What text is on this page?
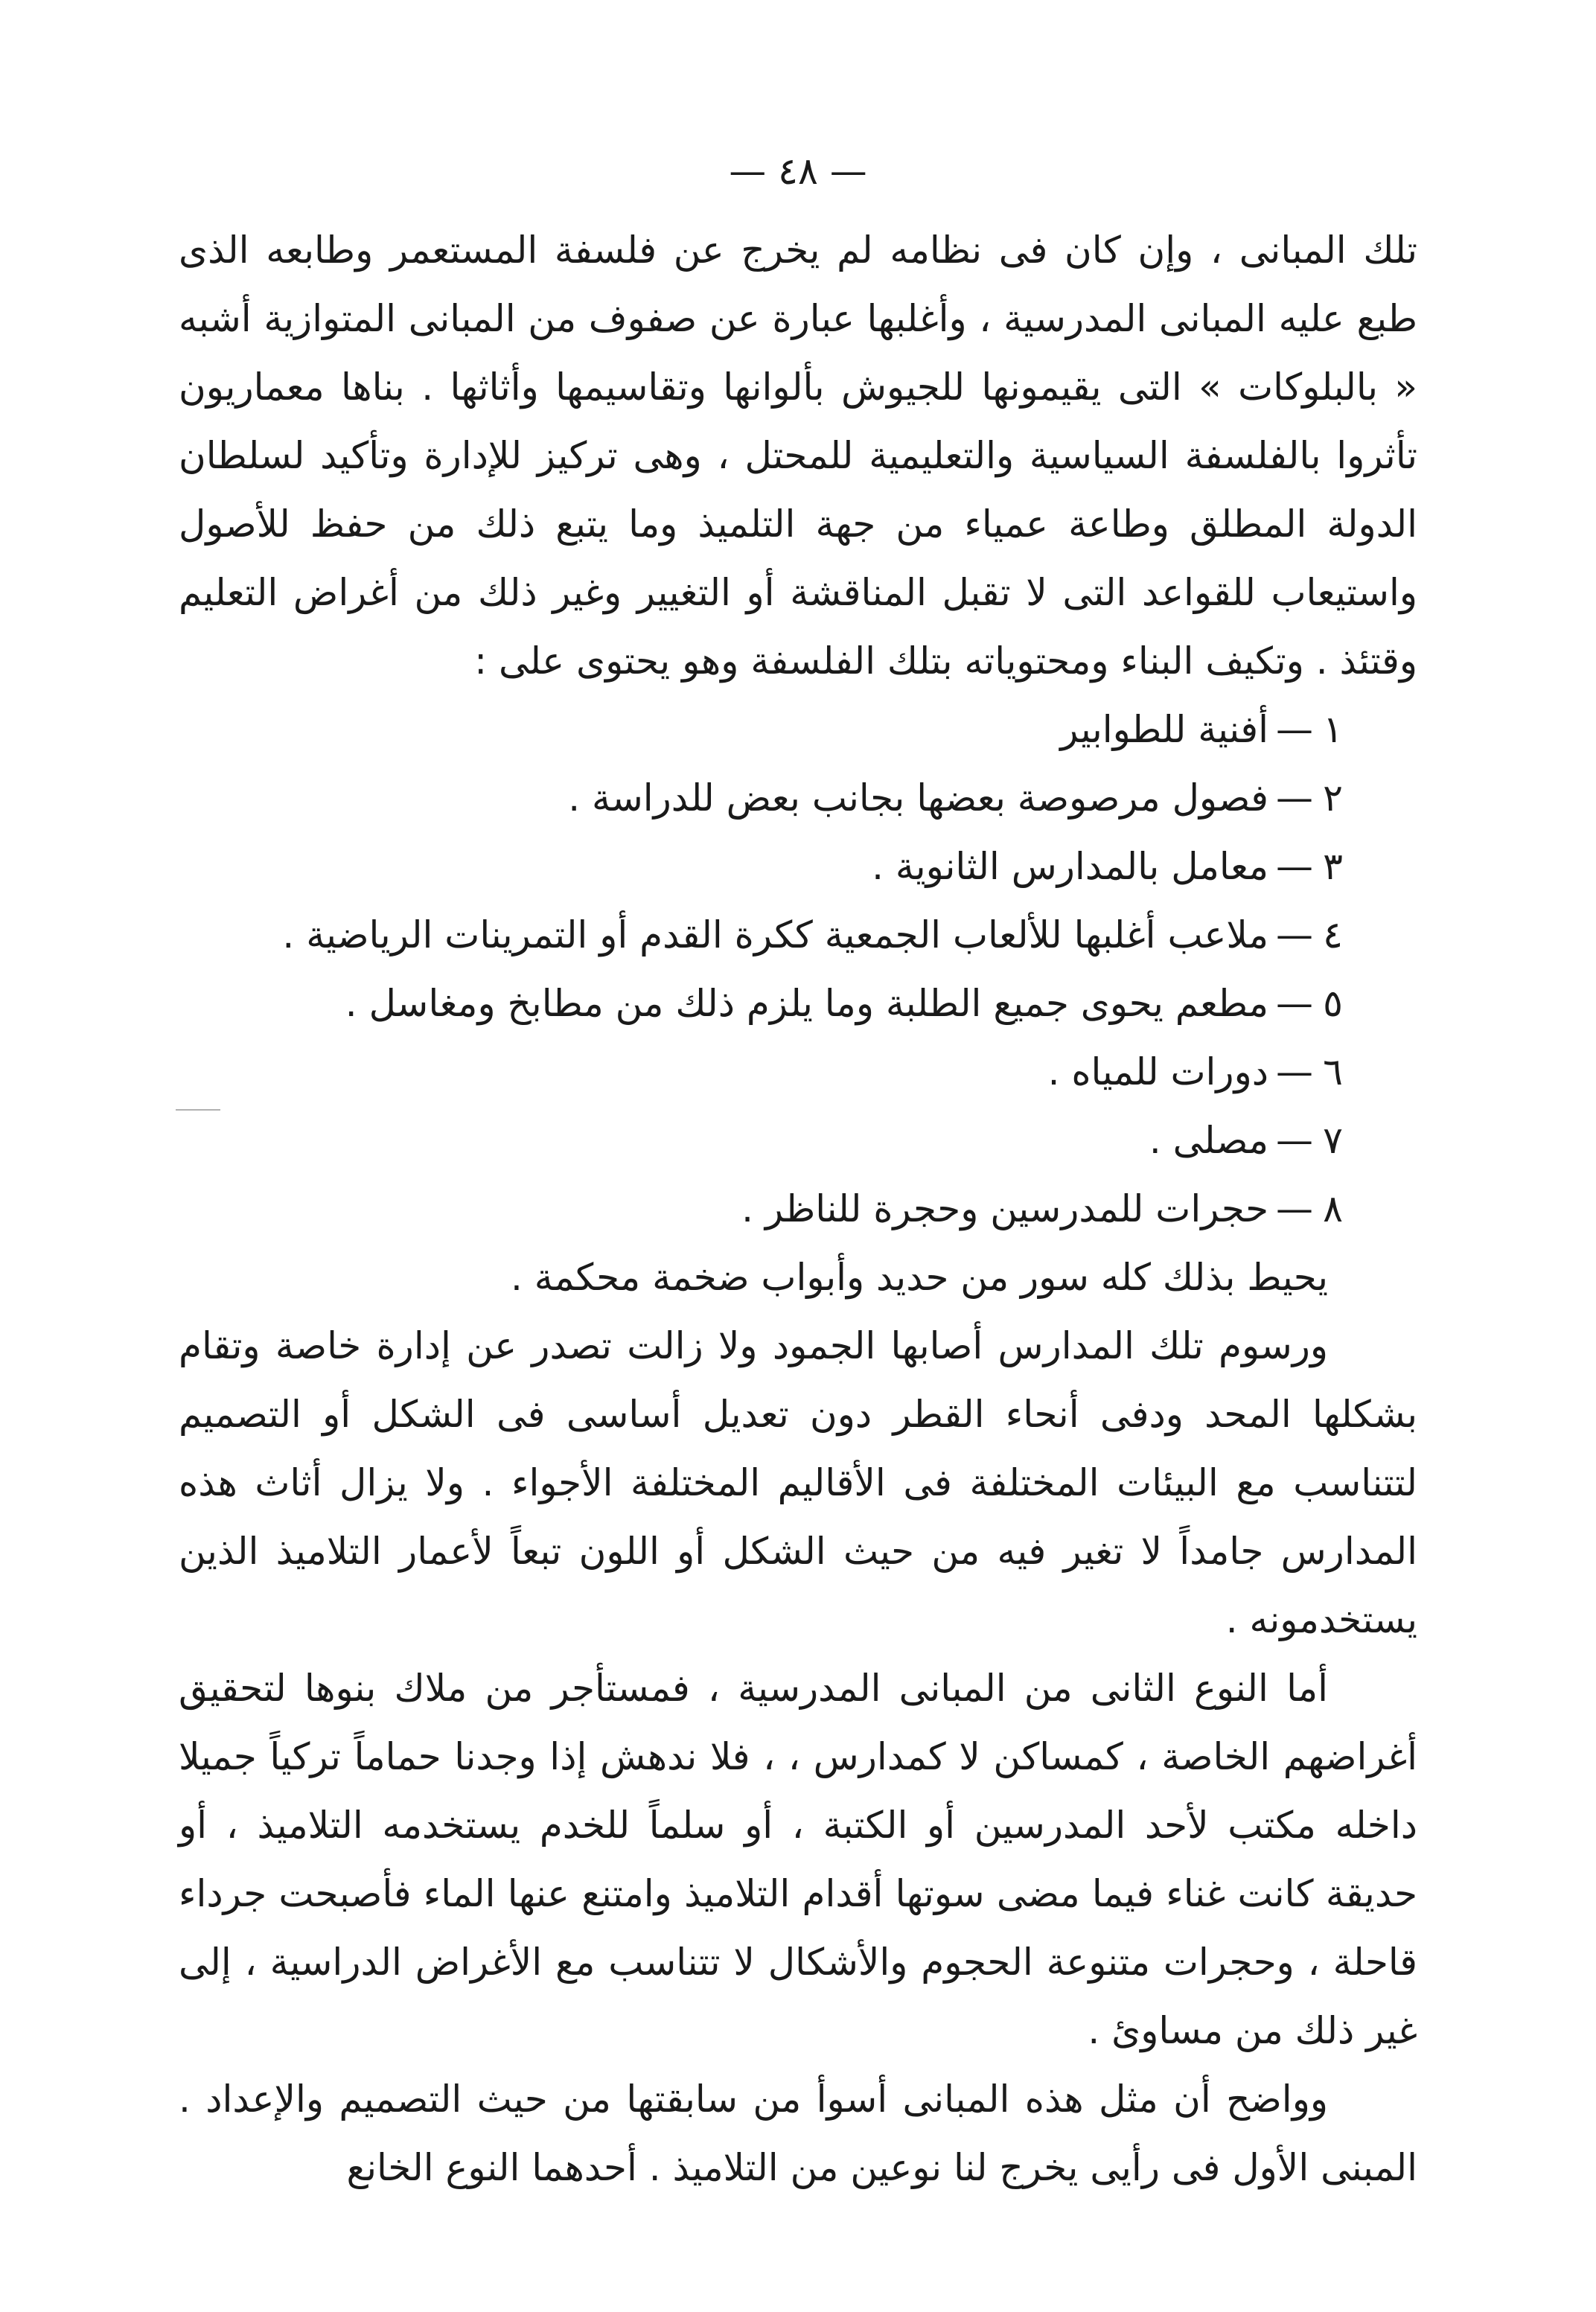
— ٤٨ —

تلك المبانى ، وإن كان فى نظامه لم يخرج عن فلسفة المستعمر وطابعه الذى طبع عليه المبانى المدرسية ، وأغلبها عبارة عن صفوف من المبانى المتوازية أشبه « بالبلوكات » التى يقيمونها للجيوش بألوانها وتقاسيمها وأثاثها . بناها معماريون تأثروا بالفلسفة السياسية والتعليمية للمحتل ، وهى تركيز للإدارة وتأكيد لسلطان الدولة المطلق وطاعة عمياء من جهة التلميذ وما يتبع ذلك من حفظ للأصول واستيعاب للقواعد التى لا تقبل المناقشة أو التغيير وغير ذلك من أغراض التعليم وقتئذ . وتكيف البناء ومحتوياته بتلك الفلسفة وهو يحتوى على :

١—أفنية للطوابير
٢—فصول مرصوصة بعضها بجانب بعض للدراسة .
٣—معامل بالمدارس الثانوية .
٤—ملاعب أغلبها للألعاب الجمعية ككرة القدم أو التمرينات الرياضية .
٥—مطعم يحوى جميع الطلبة وما يلزم ذلك من مطابخ ومغاسل .
٦—دورات للمياه .
٧—مصلى .
٨—حجرات للمدرسين وحجرة للناظر .

يحيط بذلك كله سور من حديد وأبواب ضخمة محكمة .

ورسوم تلك المدارس أصابها الجمود ولا زالت تصدر عن إدارة خاصة وتقام بشكلها المحد ودفى أنحاء القطر دون تعديل أساسى فى الشكل أو التصميم لتتناسب مع البيئات المختلفة فى الأقاليم المختلفة الأجواء . ولا يزال أثاث هذه المدارس جامداً لا تغير فيه من حيث الشكل أو اللون تبعاً لأعمار التلاميذ الذين يستخدمونه .

أما النوع الثانى من المبانى المدرسية ، فمستأجر من ملاك بنوها لتحقيق أغراضهم الخاصة ، كمساكن لا كمدارس ، ، فلا ندهش إذا وجدنا حماماً تركياً جميلا داخله مكتب لأحد المدرسين أو الكتبة ، أو سلماً للخدم يستخدمه التلاميذ ، أو حديقة كانت غناء فيما مضى سوتها أقدام التلاميذ وامتنع عنها الماء فأصبحت جرداء قاحلة ، وحجرات متنوعة الحجوم والأشكال لا تتناسب مع الأغراض الدراسية ، إلى غير ذلك من مساوئ .

وواضح أن مثل هذه المبانى أسوأ من سابقتها من حيث التصميم والإعداد . المبنى الأول فى رأيى يخرج لنا نوعين من التلاميذ . أحدهما النوع الخانع
